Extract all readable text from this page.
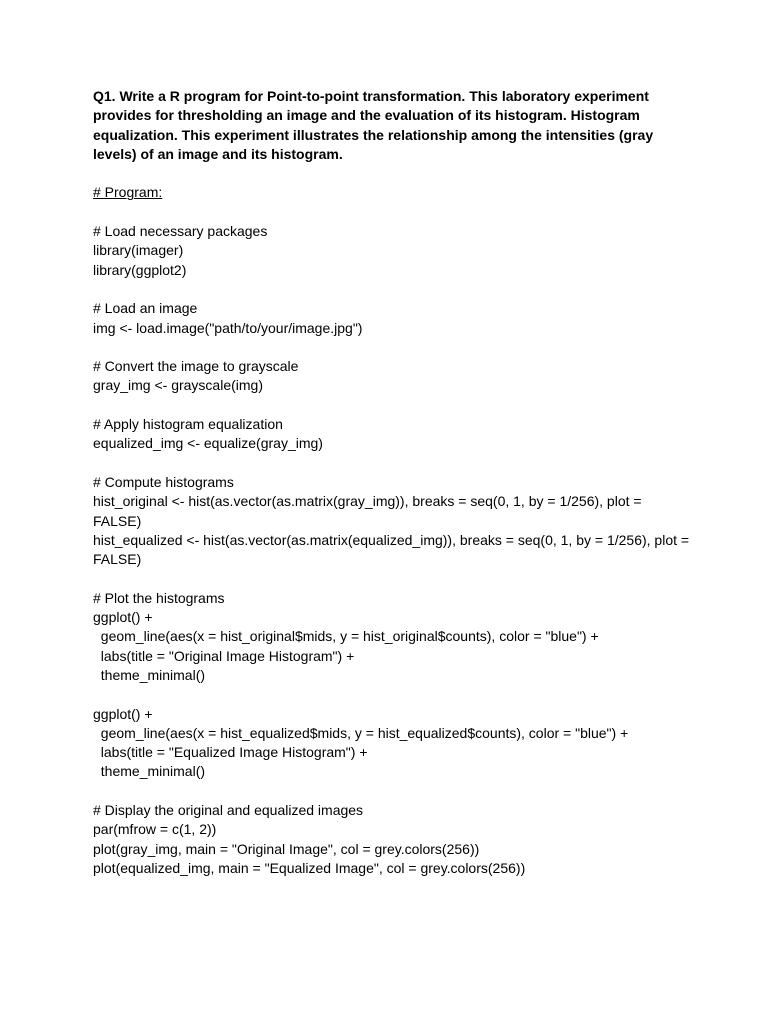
Q1. Write a R program for Point-to-point transformation. This laboratory experiment provides for thresholding an image and the evaluation of its histogram. Histogram equalization. This experiment illustrates the relationship among the intensities (gray levels) of an image and its histogram.

# Program:

# Load necessary packages

library(imager)

library(ggplot2)

# Load an image

img <- load.image("path/to/your/image.jpg")

# Convert the image to grayscale

gray_img <- grayscale(img)

# Apply histogram equalization

equalized_img <- equalize(gray_img)

# Compute histograms

hist_original <- hist(as.vector(as.matrix(gray_img)), breaks = seq(0, 1, by = 1/256), plot = FALSE)

hist_equalized <- hist(as.vector(as.matrix(equalized_img)), breaks = seq(0, 1, by = 1/256), plot = FALSE)

# Plot the histograms

ggplot() +

geom_line(aes(x = hist_original$mids, y = hist_original$counts), color = "blue") +

labs(title = "Original Image Histogram") +

theme_minimal()

ggplot() +

geom_line(aes(x = hist_equalized$mids, y = hist_equalized$counts), color = "blue") +

labs(title = "Equalized Image Histogram") +

theme_minimal()

# Display the original and equalized images

par(mfrow = c(1, 2))

plot(gray_img, main = "Original Image", col = grey.colors(256))

plot(equalized_img, main = "Equalized Image", col = grey.colors(256))
